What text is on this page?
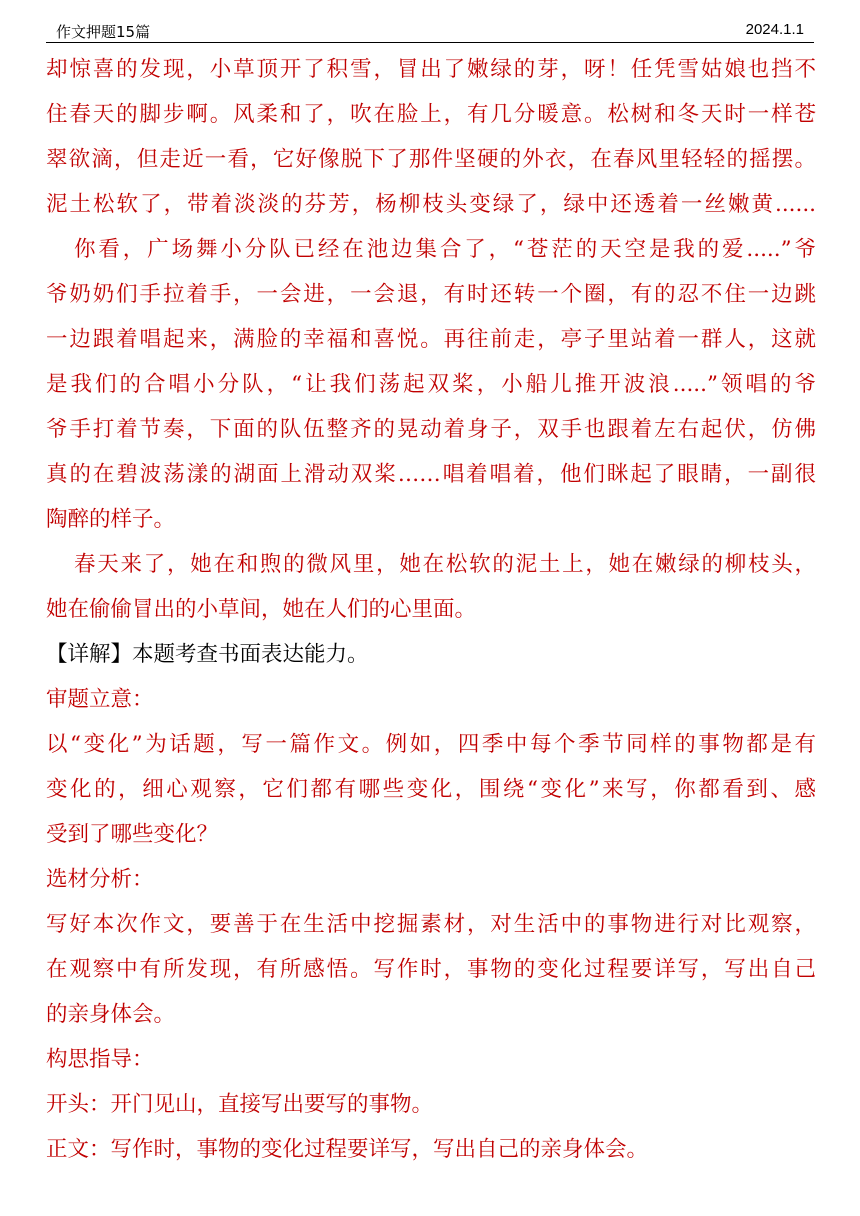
作文押题15篇	2024.1.1
却惊喜的发现，小草顶开了积雪，冒出了嫩绿的芽，呀！任凭雪姑娘也挡不
住春天的脚步啊。风柔和了，吹在脸上，有几分暖意。松树和冬天时一样苍
翠欲滴，但走近一看，它好像脱下了那件坚硬的外衣，在春风里轻轻的摇摆。
泥土松软了，带着淡淡的芬芳，杨柳枝头变绿了，绿中还透着一丝嫩黄......
你看，广场舞小分队已经在池边集合了，“苍茫的天空是我的爱.....”爷
爷奶奶们手拉着手，一会进，一会退，有时还转一个圈，有的忍不住一边跳
一边跟着唱起来，满脸的幸福和喜悦。再往前走，亭子里站着一群人，这就
是我们的合唱小分队，“让我们荡起双桨，小船儿推开波浪.....”领唱的爷
爷手打着节奏，下面的队伍整齐的晃动着身子，双手也跟着左右起伏，仿佛
真的在碧波荡漾的湖面上滑动双桨……唱着唱着，他们眯起了眼睛，一副很
陶醉的样子。
春天来了，她在和煦的微风里，她在松软的泥土上，她在嫩绿的柳枝头，
她在偷偷冒出的小草间，她在人们的心里面。
【详解】本题考查书面表达能力。
审题立意：
以“变化”为话题，写一篇作文。例如，四季中每个季节同样的事物都是有
变化的，细心观察，它们都有哪些变化，围绕“变化”来写，你都看到、感
受到了哪些变化？
选材分析：
写好本次作文，要善于在生活中挖掘素材，对生活中的事物进行对比观察，
在观察中有所发现，有所感悟。写作时，事物的变化过程要详写，写出自己
的亲身体会。
构思指导：
开头：开门见山，直接写出要写的事物。
正文：写作时，事物的变化过程要详写，写出自己的亲身体会。
